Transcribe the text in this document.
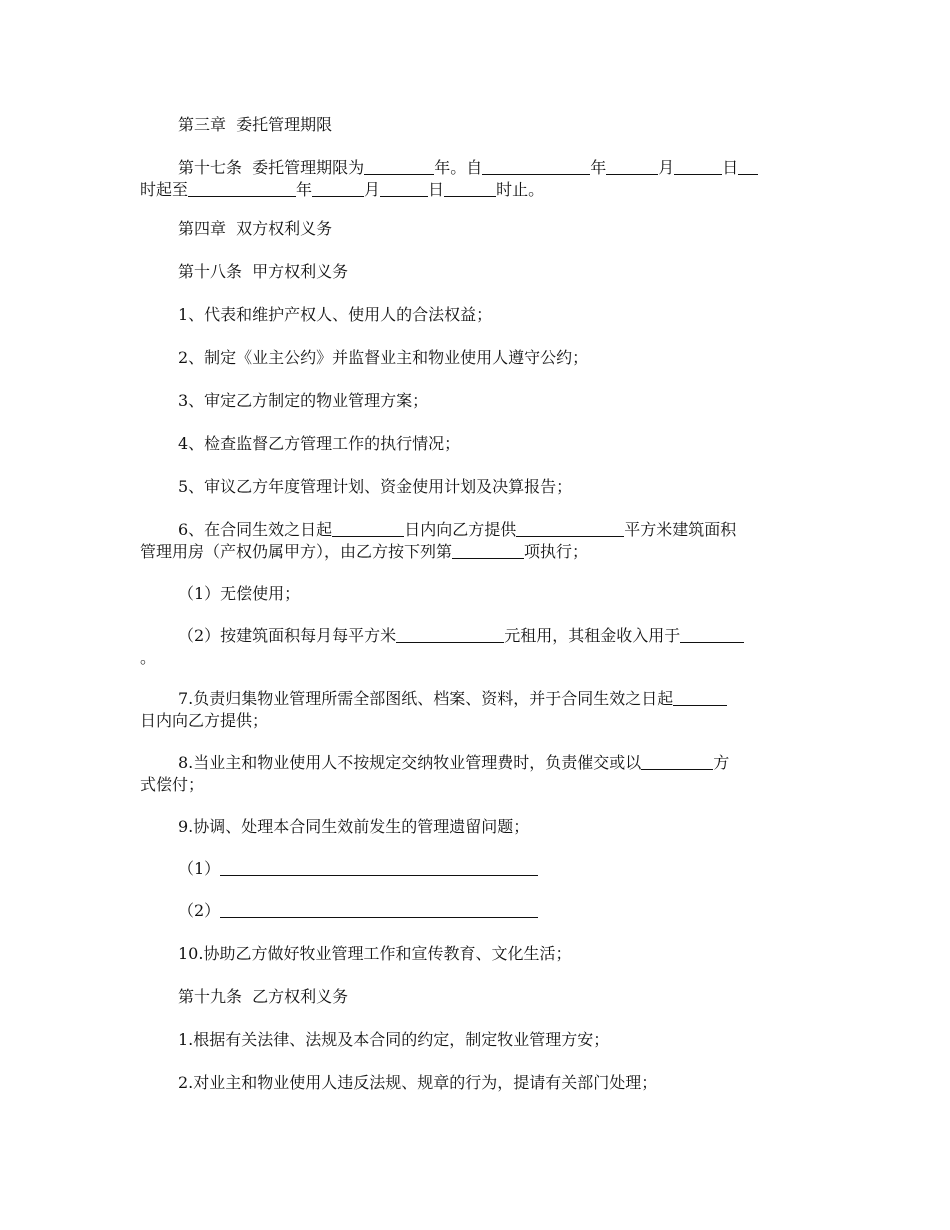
第三章  委托管理期限
第十七条  委托管理期限为	年。自	年	月	日
时起至	年	月	日	时止。
第四章  双方权利义务
第十八条  甲方权利义务
1、代表和维护产权人、使用人的合法权益；
2、制定《业主公约》并监督业主和物业使用人遵守公约；
3、审定乙方制定的物业管理方案；
4、检查监督乙方管理工作的执行情况；
5、审议乙方年度管理计划、资金使用计划及决算报告；
6、在合同生效之日起	日内向乙方提供	平方米建筑面积
管理用房（产权仍属甲方），由乙方按下列第	项执行；
（1）无偿使用；
（2）按建筑面积每月每平方米	元租用，其租金收入用于
。
7.负责归集物业管理所需全部图纸、档案、资料，并于合同生效之日起
日内向乙方提供；
8.当业主和物业使用人不按规定交纳牧业管理费时，负责催交或以	方
式偿付；
9.协调、处理本合同生效前发生的管理遗留问题；
（1）
（2）
10.协助乙方做好牧业管理工作和宣传教育、文化生活；
第十九条  乙方权利义务
1.根据有关法律、法规及本合同的约定，制定牧业管理方安；
2.对业主和物业使用人违反法规、规章的行为，提请有关部门处理；
